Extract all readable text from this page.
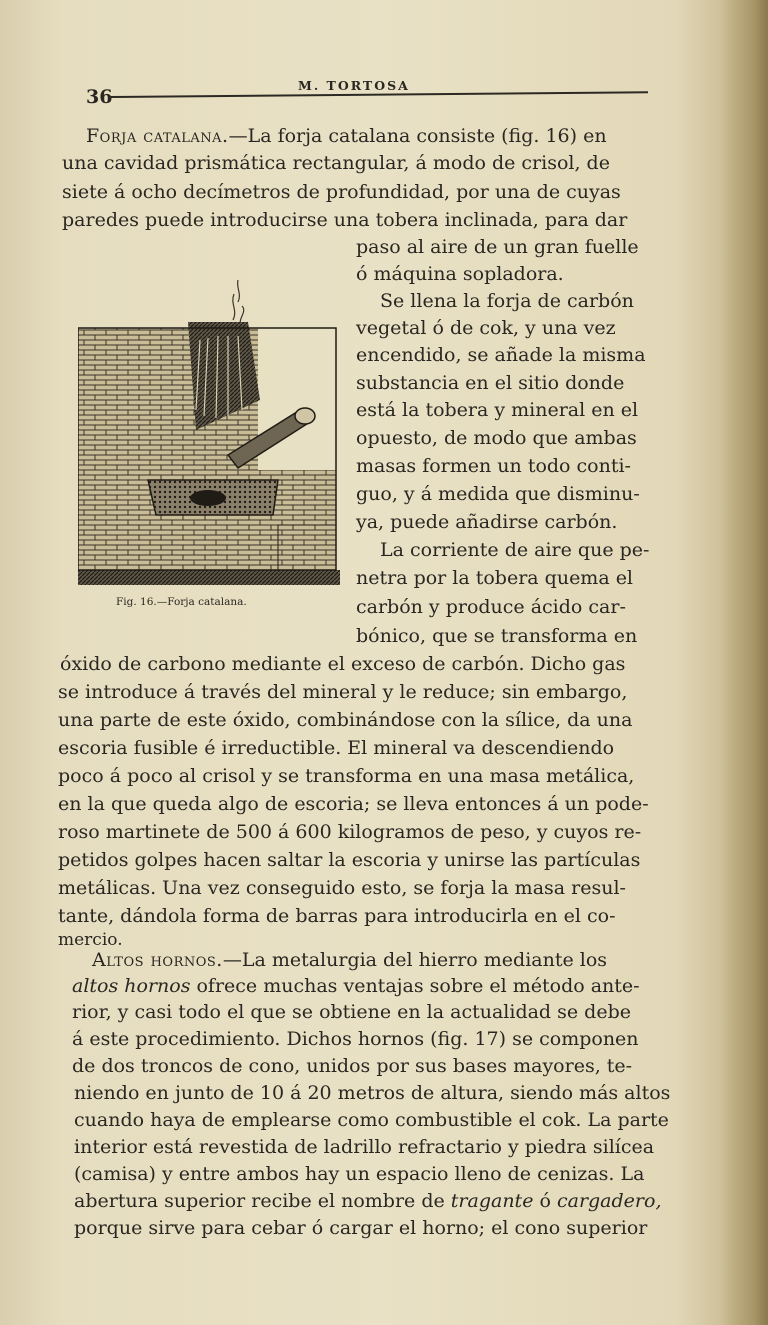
36
M. TORTOSA
Forja catalana.—La forja catalana consiste (fig. 16) en
una cavidad prismática rectangular, á modo de crisol, de
siete á ocho decímetros de profundidad, por una de cuyas
paredes puede introducirse una tobera inclinada, para dar
paso al aire de un gran fuelle
ó máquina sopladora.
Se llena la forja de carbón
vegetal ó de cok, y una vez
encendido, se añade la misma
substancia en el sitio donde
está la tobera y mineral en el
opuesto, de modo que ambas
masas formen un todo conti-
guo, y á medida que disminu-
ya, puede añadirse carbón.
La corriente de aire que pe-
netra por la tobera quema el
carbón y produce ácido car-
bónico, que se transforma en
óxido de carbono mediante el exceso de carbón. Dicho gas
se introduce á través del mineral y le reduce; sin embargo,
una parte de este óxido, combinándose con la sílice, da una
escoria fusible é irreductible. El mineral va descendiendo
poco á poco al crisol y se transforma en una masa metálica,
en la que queda algo de escoria; se lleva entonces á un pode-
roso martinete de 500 á 600 kilogramos de peso, y cuyos re-
petidos golpes hacen saltar la escoria y unirse las partículas
metálicas. Una vez conseguido esto, se forja la masa resul-
tante, dándola forma de barras para introducirla en el co-
mercio.
Fig. 16.—Forja catalana.
Altos hornos.—La metalurgia del hierro mediante los
altos hornos ofrece muchas ventajas sobre el método ante-
rior, y casi todo el que se obtiene en la actualidad se debe
á este procedimiento. Dichos hornos (fig. 17) se componen
de dos troncos de cono, unidos por sus bases mayores, te-
niendo en junto de 10 á 20 metros de altura, siendo más altos
cuando haya de emplearse como combustible el cok. La parte
interior está revestida de ladrillo refractario y piedra silícea
(camisa) y entre ambos hay un espacio lleno de cenizas. La
abertura superior recibe el nombre de tragante ó cargadero,
porque sirve para cebar ó cargar el horno; el cono superior
